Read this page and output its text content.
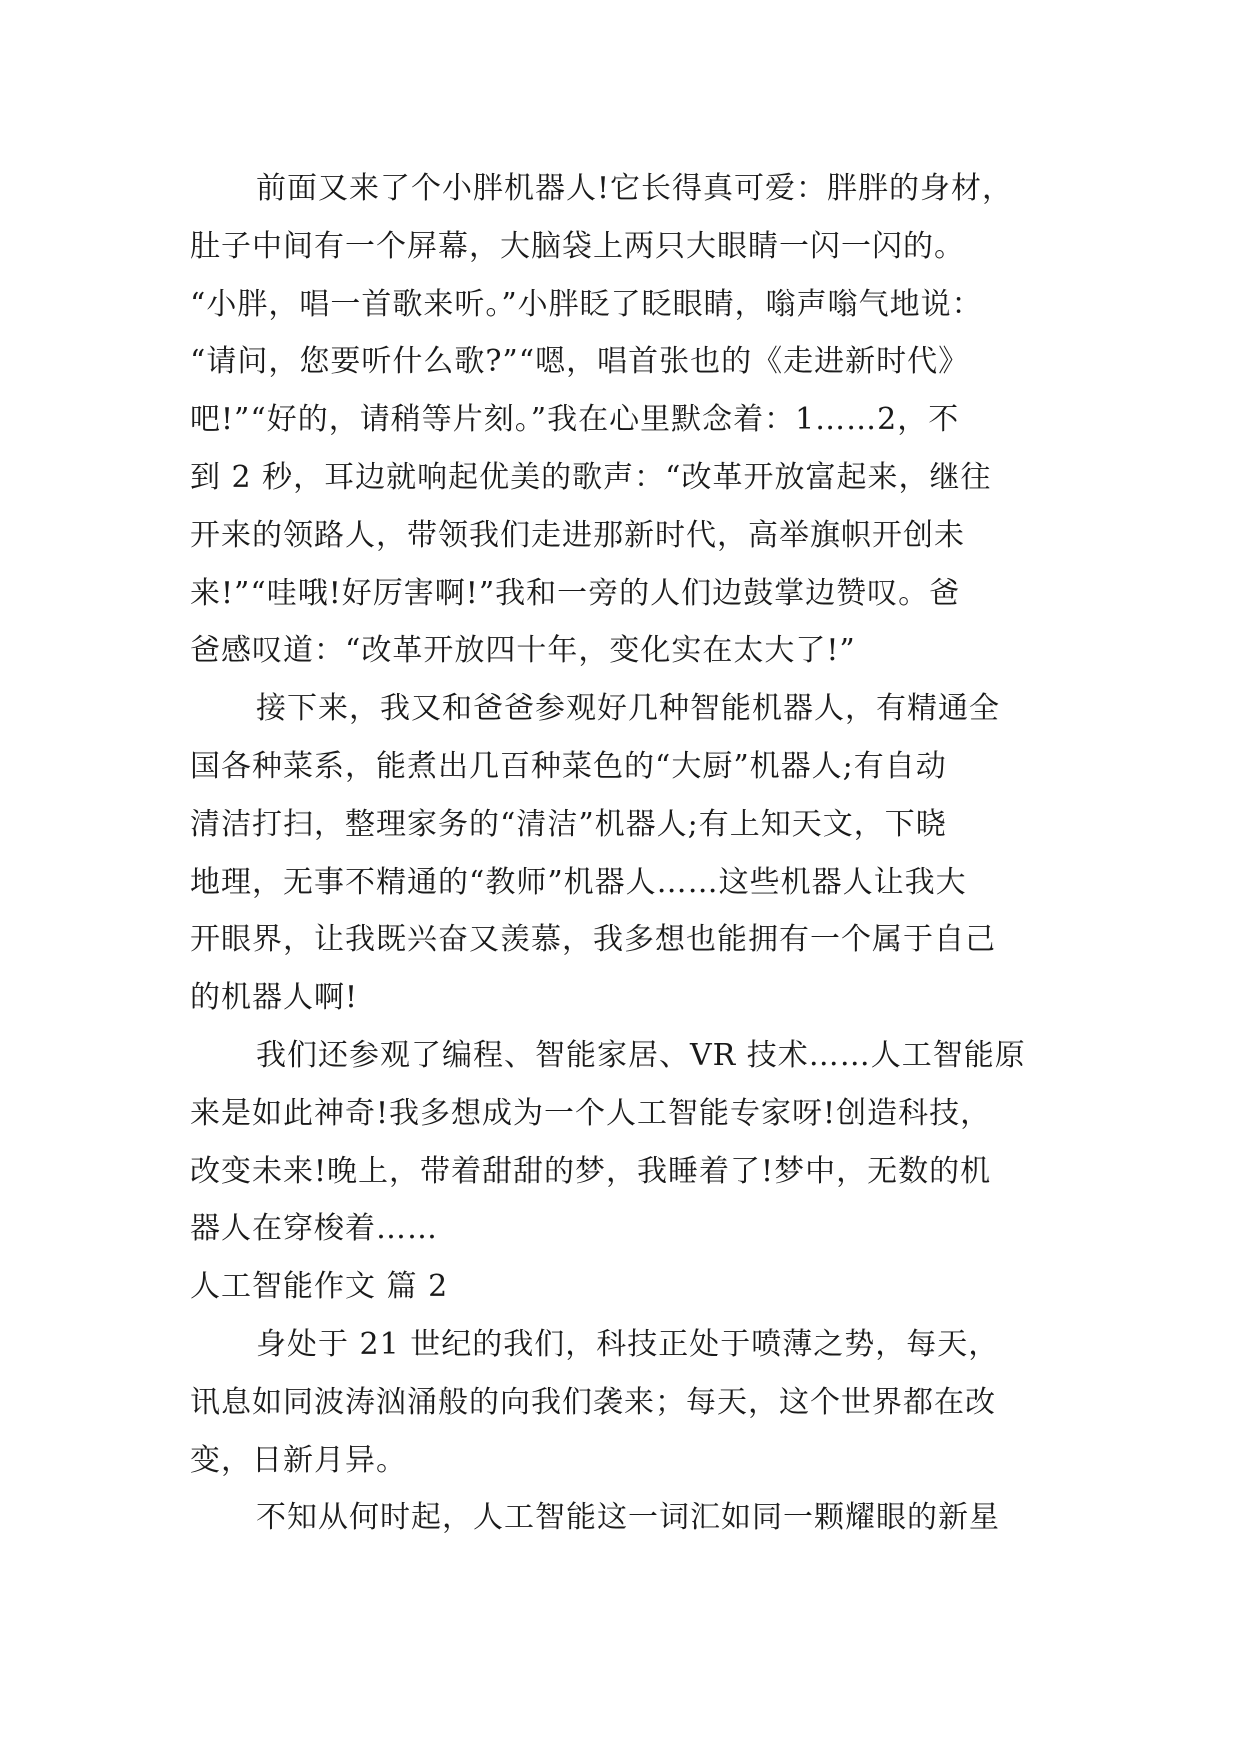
前面又来了个小胖机器人!它长得真可爱：胖胖的身材，
肚子中间有一个屏幕，大脑袋上两只大眼睛一闪一闪的。
“小胖，唱一首歌来听。”小胖眨了眨眼睛，嗡声嗡气地说：
“请问，您要听什么歌?”“嗯，唱首张也的《走进新时代》
吧!”“好的，请稍等片刻。”我在心里默念着：1……2，不
到 2 秒，耳边就响起优美的歌声：“改革开放富起来，继往
开来的领路人，带领我们走进那新时代，高举旗帜开创未
来!”“哇哦!好厉害啊!”我和一旁的人们边鼓掌边赞叹。爸
爸感叹道：“改革开放四十年，变化实在太大了!”
接下来，我又和爸爸参观好几种智能机器人，有精通全
国各种菜系，能煮出几百种菜色的“大厨”机器人;有自动
清洁打扫，整理家务的“清洁”机器人;有上知天文，下晓
地理，无事不精通的“教师”机器人……这些机器人让我大
开眼界，让我既兴奋又羡慕，我多想也能拥有一个属于自己
的机器人啊!
我们还参观了编程、智能家居、VR 技术……人工智能原
来是如此神奇!我多想成为一个人工智能专家呀!创造科技，
改变未来!晚上，带着甜甜的梦，我睡着了!梦中，无数的机
器人在穿梭着……
人工智能作文 篇 2
身处于 21 世纪的我们，科技正处于喷薄之势，每天，
讯息如同波涛汹涌般的向我们袭来；每天，这个世界都在改
变，日新月异。
不知从何时起，人工智能这一词汇如同一颗耀眼的新星
